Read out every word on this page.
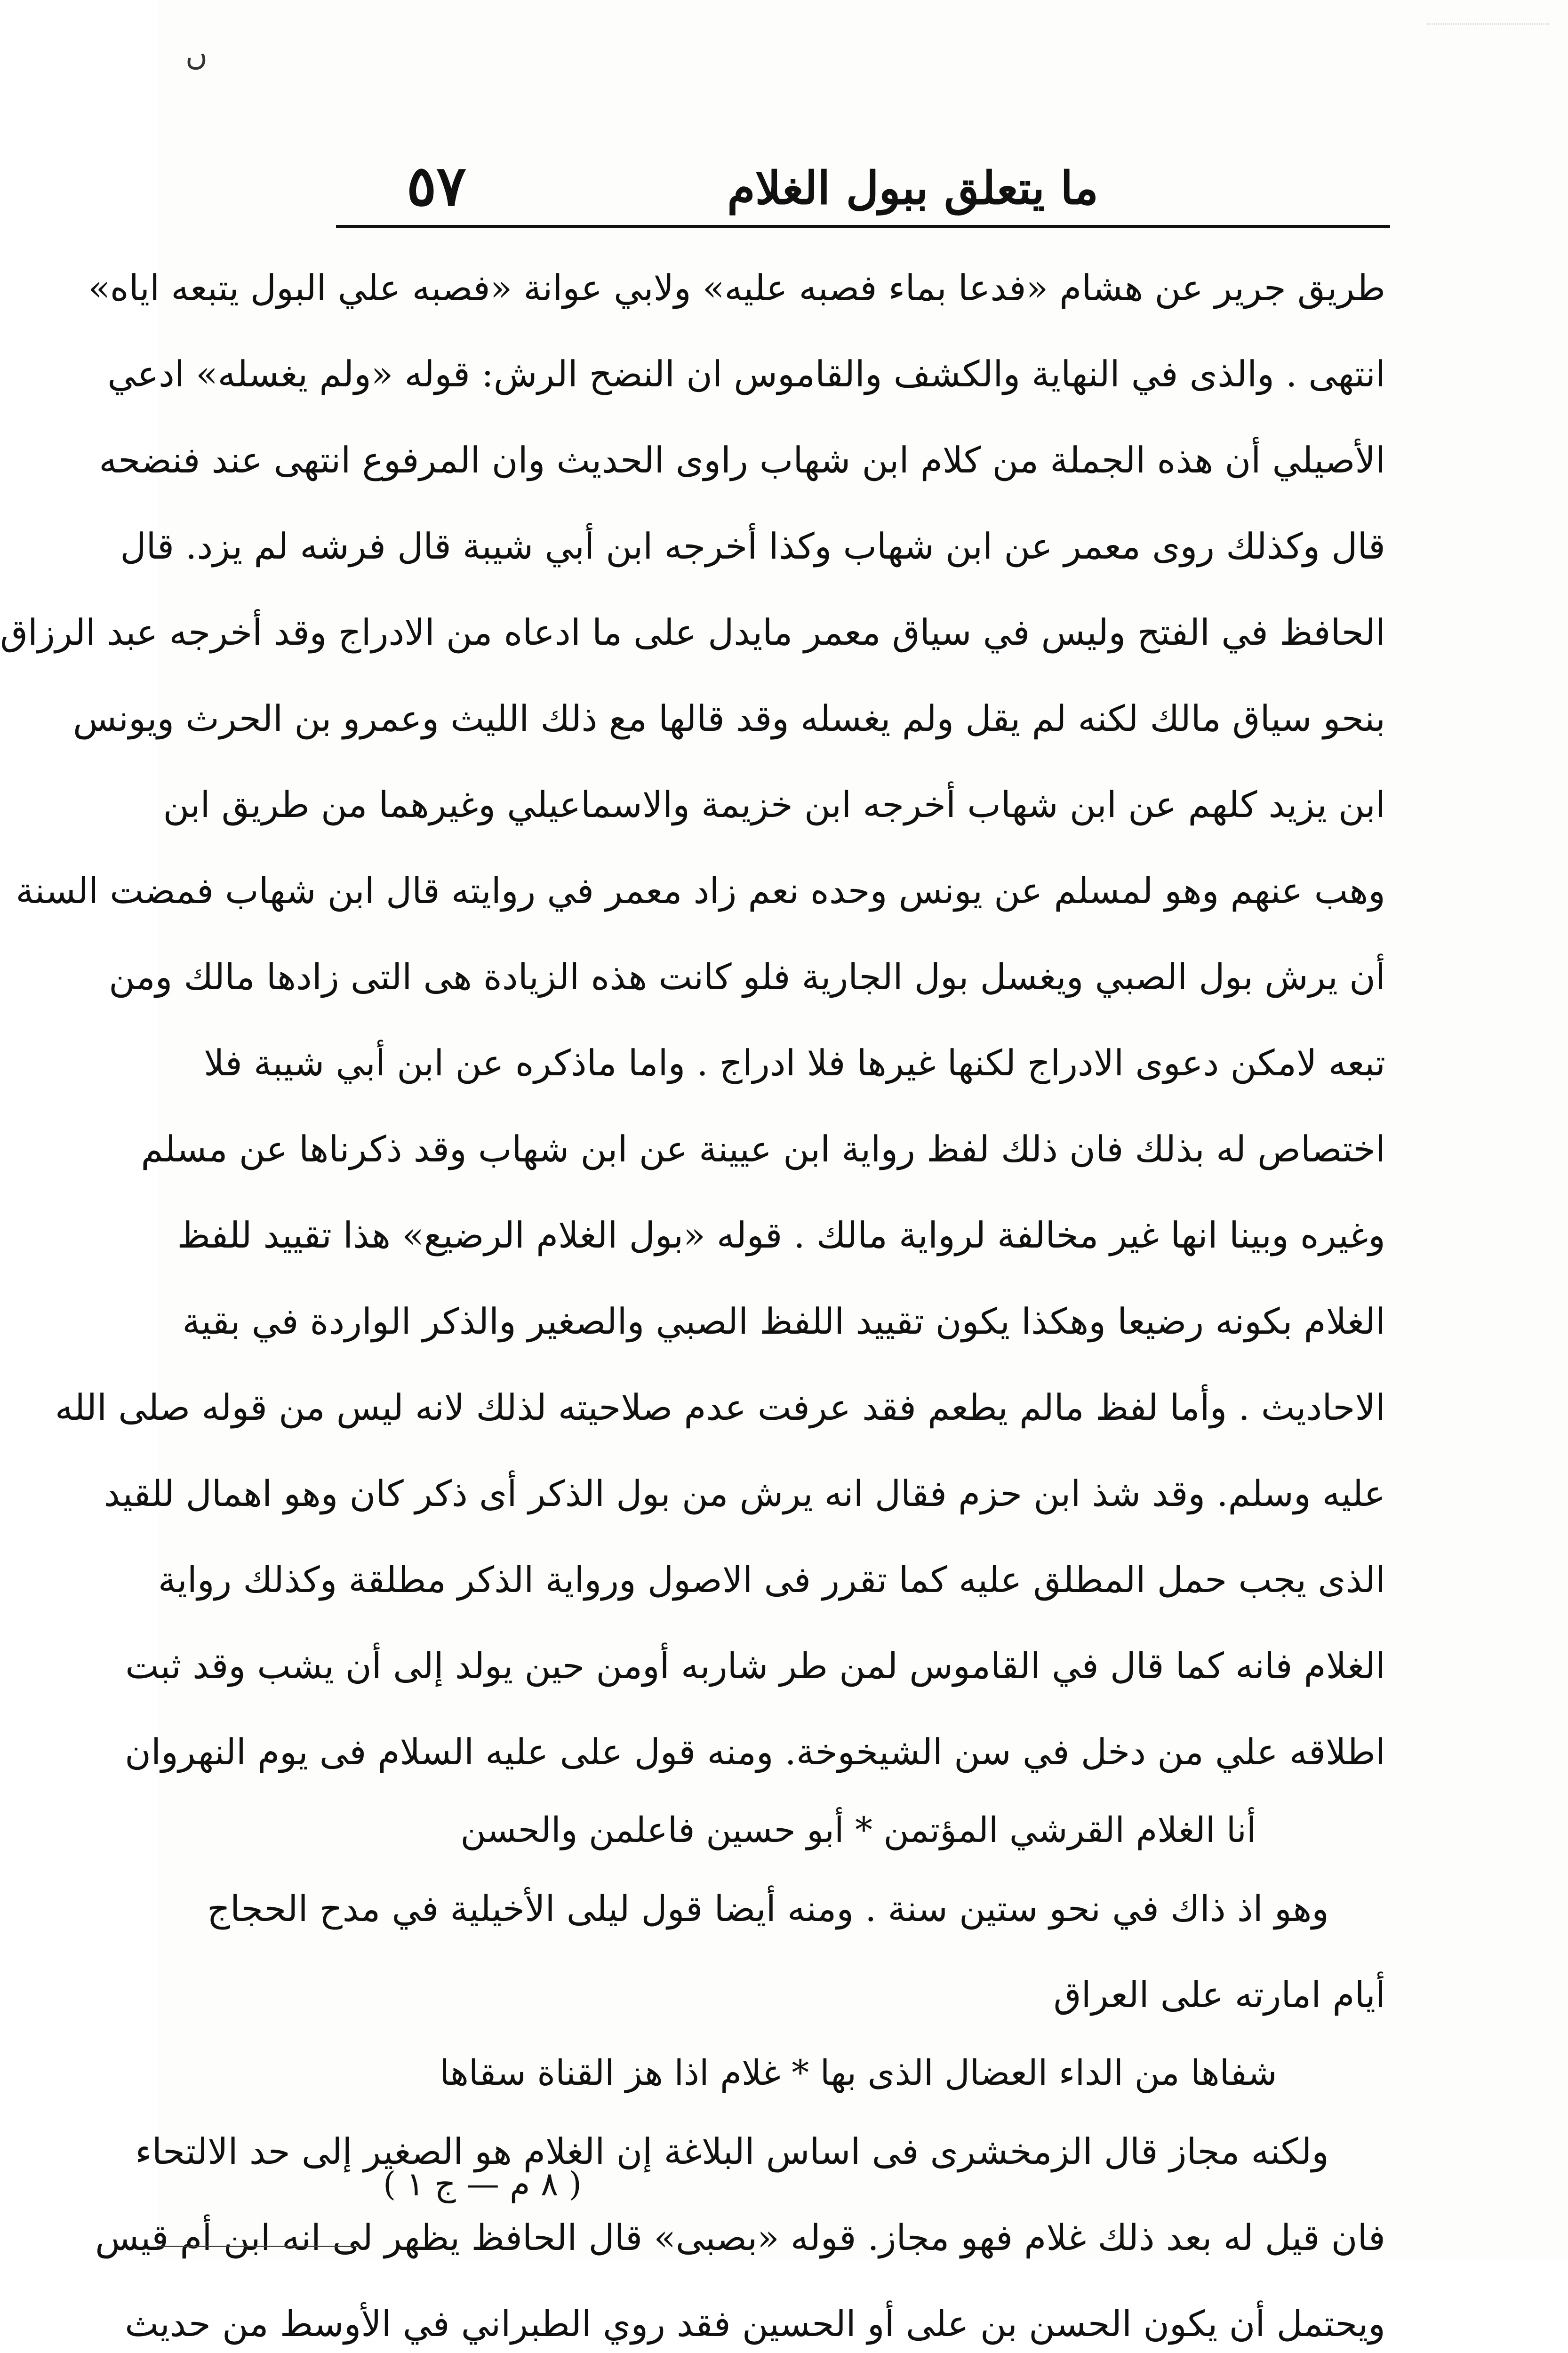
ں
٥٧	ما يتعلق ببول الغلام
طريق جرير عن هشام «فدعا بماء فصبه عليه» ولابي عوانة «فصبه علي البول يتبعه اياه»
انتهى . والذى في النهاية والكشف والقاموس ان النضح الرش: قوله «ولم يغسله» ادعي
الأصيلي أن هذه الجملة من كلام ابن شهاب راوى الحديث وان المرفوع انتهى عند فنضحه
قال وكذلك روى معمر عن ابن شهاب وكذا أخرجه ابن أبي شيبة قال فرشه لم يزد. قال
الحافظ في الفتح وليس في سياق معمر مايدل على ما ادعاه من الادراج وقد أخرجه عبد الرزاق
بنحو سياق مالك لكنه لم يقل ولم يغسله وقد قالها مع ذلك الليث وعمرو بن الحرث ويونس
ابن يزيد كلهم عن ابن شهاب أخرجه ابن خزيمة والاسماعيلي وغيرهما من طريق ابن
وهب عنهم وهو لمسلم عن يونس وحده نعم زاد معمر في روايته قال ابن شهاب فمضت السنة
أن يرش بول الصبي ويغسل بول الجارية فلو كانت هذه الزيادة هى التى زادها مالك ومن
تبعه لامكن دعوى الادراج لكنها غيرها فلا ادراج . واما ماذكره عن ابن أبي شيبة فلا
اختصاص له بذلك فان ذلك لفظ رواية ابن عيينة عن ابن شهاب وقد ذكرناها عن مسلم
وغيره وبينا انها غير مخالفة لرواية مالك . قوله «بول الغلام الرضيع» هذا تقييد للفظ
الغلام بكونه رضيعا وهكذا يكون تقييد اللفظ الصبي والصغير والذكر الواردة في بقية
الاحاديث . وأما لفظ مالم يطعم فقد عرفت عدم صلاحيته لذلك لانه ليس من قوله صلى الله
عليه وسلم. وقد شذ ابن حزم فقال انه يرش من بول الذكر أى ذكر كان وهو اهمال للقيد
الذى يجب حمل المطلق عليه كما تقرر فى الاصول ورواية الذكر مطلقة وكذلك رواية
الغلام فانه كما قال في القاموس لمن طر شاربه أومن حين يولد إلى أن يشب وقد ثبت
اطلاقه علي من دخل في سن الشيخوخة. ومنه قول على عليه السلام فى يوم النهروان
أنا الغلام القرشي المؤتمن * أبو حسين فاعلمن والحسن
وهو اذ ذاك في نحو ستين سنة . ومنه أيضا قول ليلى الأخيلية في مدح الحجاج
أيام امارته على العراق
شفاها من الداء العضال الذى بها * غلام اذا هز القناة سقاها
ولكنه مجاز قال الزمخشرى فى اساس البلاغة إن الغلام هو الصغير إلى حد الالتحاء
فان قيل له بعد ذلك غلام فهو مجاز. قوله «بصبى» قال الحافظ يظهر لى انه ابن أم قيس
ويحتمل أن يكون الحسن بن على أو الحسين فقد روي الطبراني في الأوسط من حديث
( ٨ م — ج ١ )
